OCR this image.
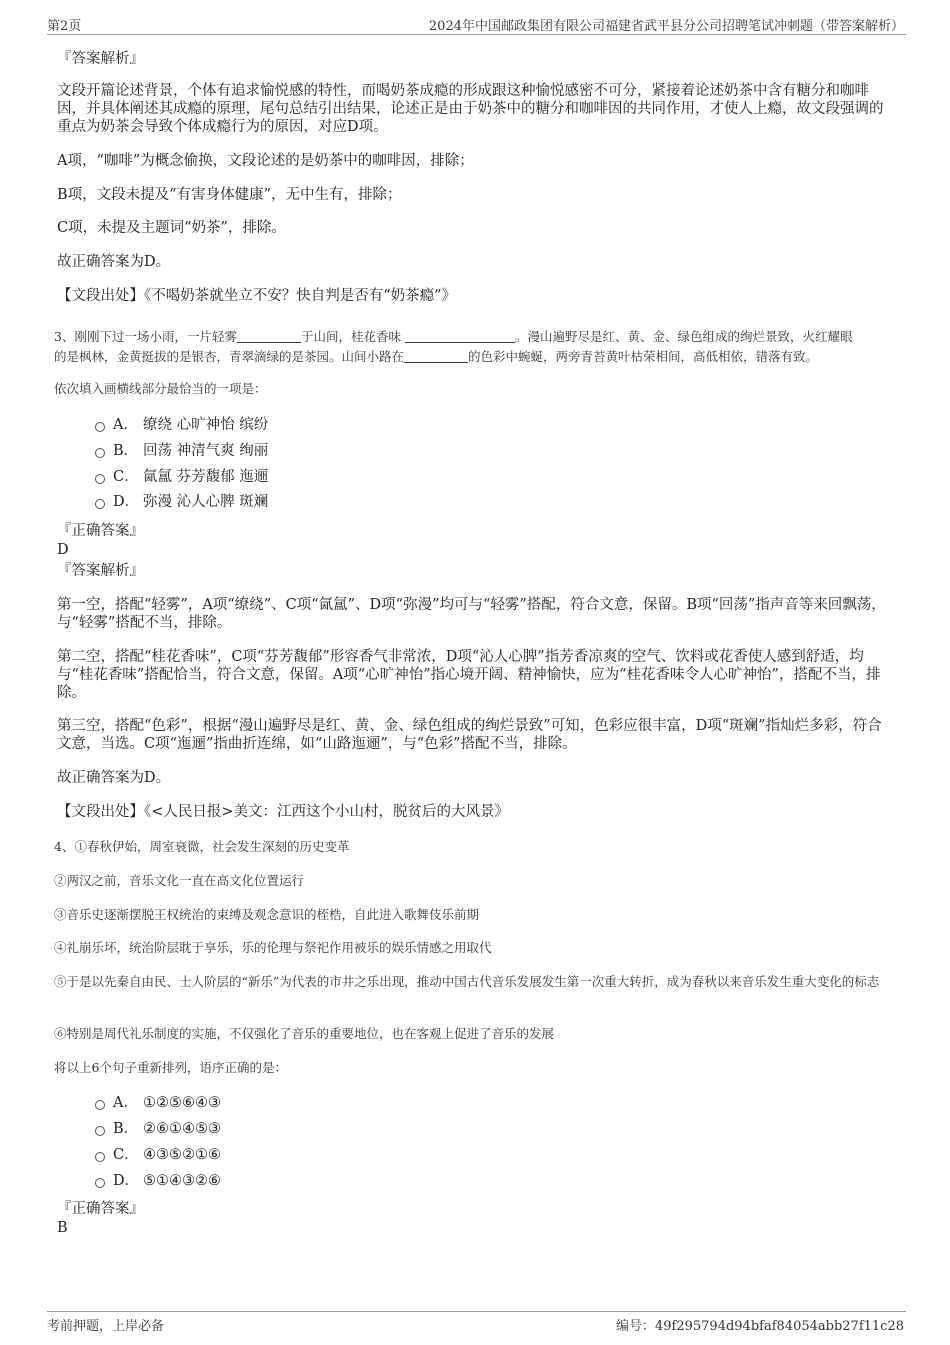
第2页	2024年中国邮政集团有限公司福建省武平县分公司招聘笔试冲刺题（带答案解析）
『答案解析』
文段开篇论述背景，个体有追求愉悦感的特性，而喝奶茶成瘾的形成跟这种愉悦感密不可分，紧接着论述奶茶中含有糖分和咖啡因，并具体阐述其成瘾的原理，尾句总结引出结果，论述正是由于奶茶中的糖分和咖啡因的共同作用，才使人上瘾，故文段强调的重点为奶茶会导致个体成瘾行为的原因，对应D项。
A项，“咖啡”为概念偷换，文段论述的是奶茶中的咖啡因，排除；
B项，文段未提及“有害身体健康”，无中生有，排除；
C项，未提及主题词“奶茶”，排除。
故正确答案为D。
【文段出处】《不喝奶茶就坐立不安？快自判是否有“奶茶瘾”》
3、刚刚下过一场小雨，一片轻雾	于山间，桂花香味	。漫山遍野尽是红、黄、金、绿色组成的绚烂景致，火红耀眼
的是枫林，金黄挺拔的是银杏，青翠滴绿的是茶园。山间小路在	的色彩中蜿蜒，两旁青苔黄叶枯荣相间，高低相依，错落有致。
依次填入画横线部分最恰当的一项是：
A． 缭绕 心旷神怡 缤纷
B． 回荡 神清气爽 绚丽
C． 氤氲 芬芳馥郁 迤逦
D． 弥漫 沁人心脾 斑斓
『正确答案』
D
『答案解析』
第一空，搭配“轻雾”，A项“缭绕”、C项“氤氲”、D项“弥漫”均可与“轻雾”搭配，符合文意，保留。B项“回荡”指声音等来回飘荡，与“轻雾”搭配不当，排除。
第二空，搭配“桂花香味”，C项“芬芳馥郁”形容香气非常浓，D项“沁人心脾”指芳香凉爽的空气、饮料或花香使人感到舒适，均与“桂花香味”搭配恰当，符合文意，保留。A项“心旷神怡”指心境开阔、精神愉快，应为“桂花香味令人心旷神怡”，搭配不当，排除。
第三空，搭配“色彩”，根据“漫山遍野尽是红、黄、金、绿色组成的绚烂景致”可知，色彩应很丰富，D项“斑斓”指灿烂多彩，符合文意，当选。C项“迤逦”指曲折连绵，如“山路迤逦”，与“色彩”搭配不当，排除。
故正确答案为D。
【文段出处】《<人民日报>美文：江西这个小山村，脱贫后的大风景》
4、①春秋伊始，周室衰微，社会发生深刻的历史变革
②两汉之前，音乐文化一直在高文化位置运行
③音乐史逐渐摆脱王权统治的束缚及观念意识的桎梏，自此进入歌舞伎乐前期
④礼崩乐坏，统治阶层耽于享乐，乐的伦理与祭祀作用被乐的娱乐情感之用取代
⑤于是以先秦自由民、士人阶层的“新乐”为代表的市井之乐出现，推动中国古代音乐发展发生第一次重大转折，成为春秋以来音乐发生重大变化的标志
⑥特别是周代礼乐制度的实施，不仅强化了音乐的重要地位，也在客观上促进了音乐的发展
将以上6个句子重新排列，语序正确的是：
A． ①②⑤⑥④③
B． ②⑥①④⑤③
C． ④③⑤②①⑥
D． ⑤①④③②⑥
『正确答案』
B
考前押题，上岸必备	编号：49f295794d94bfaf84054abb27f11c28
